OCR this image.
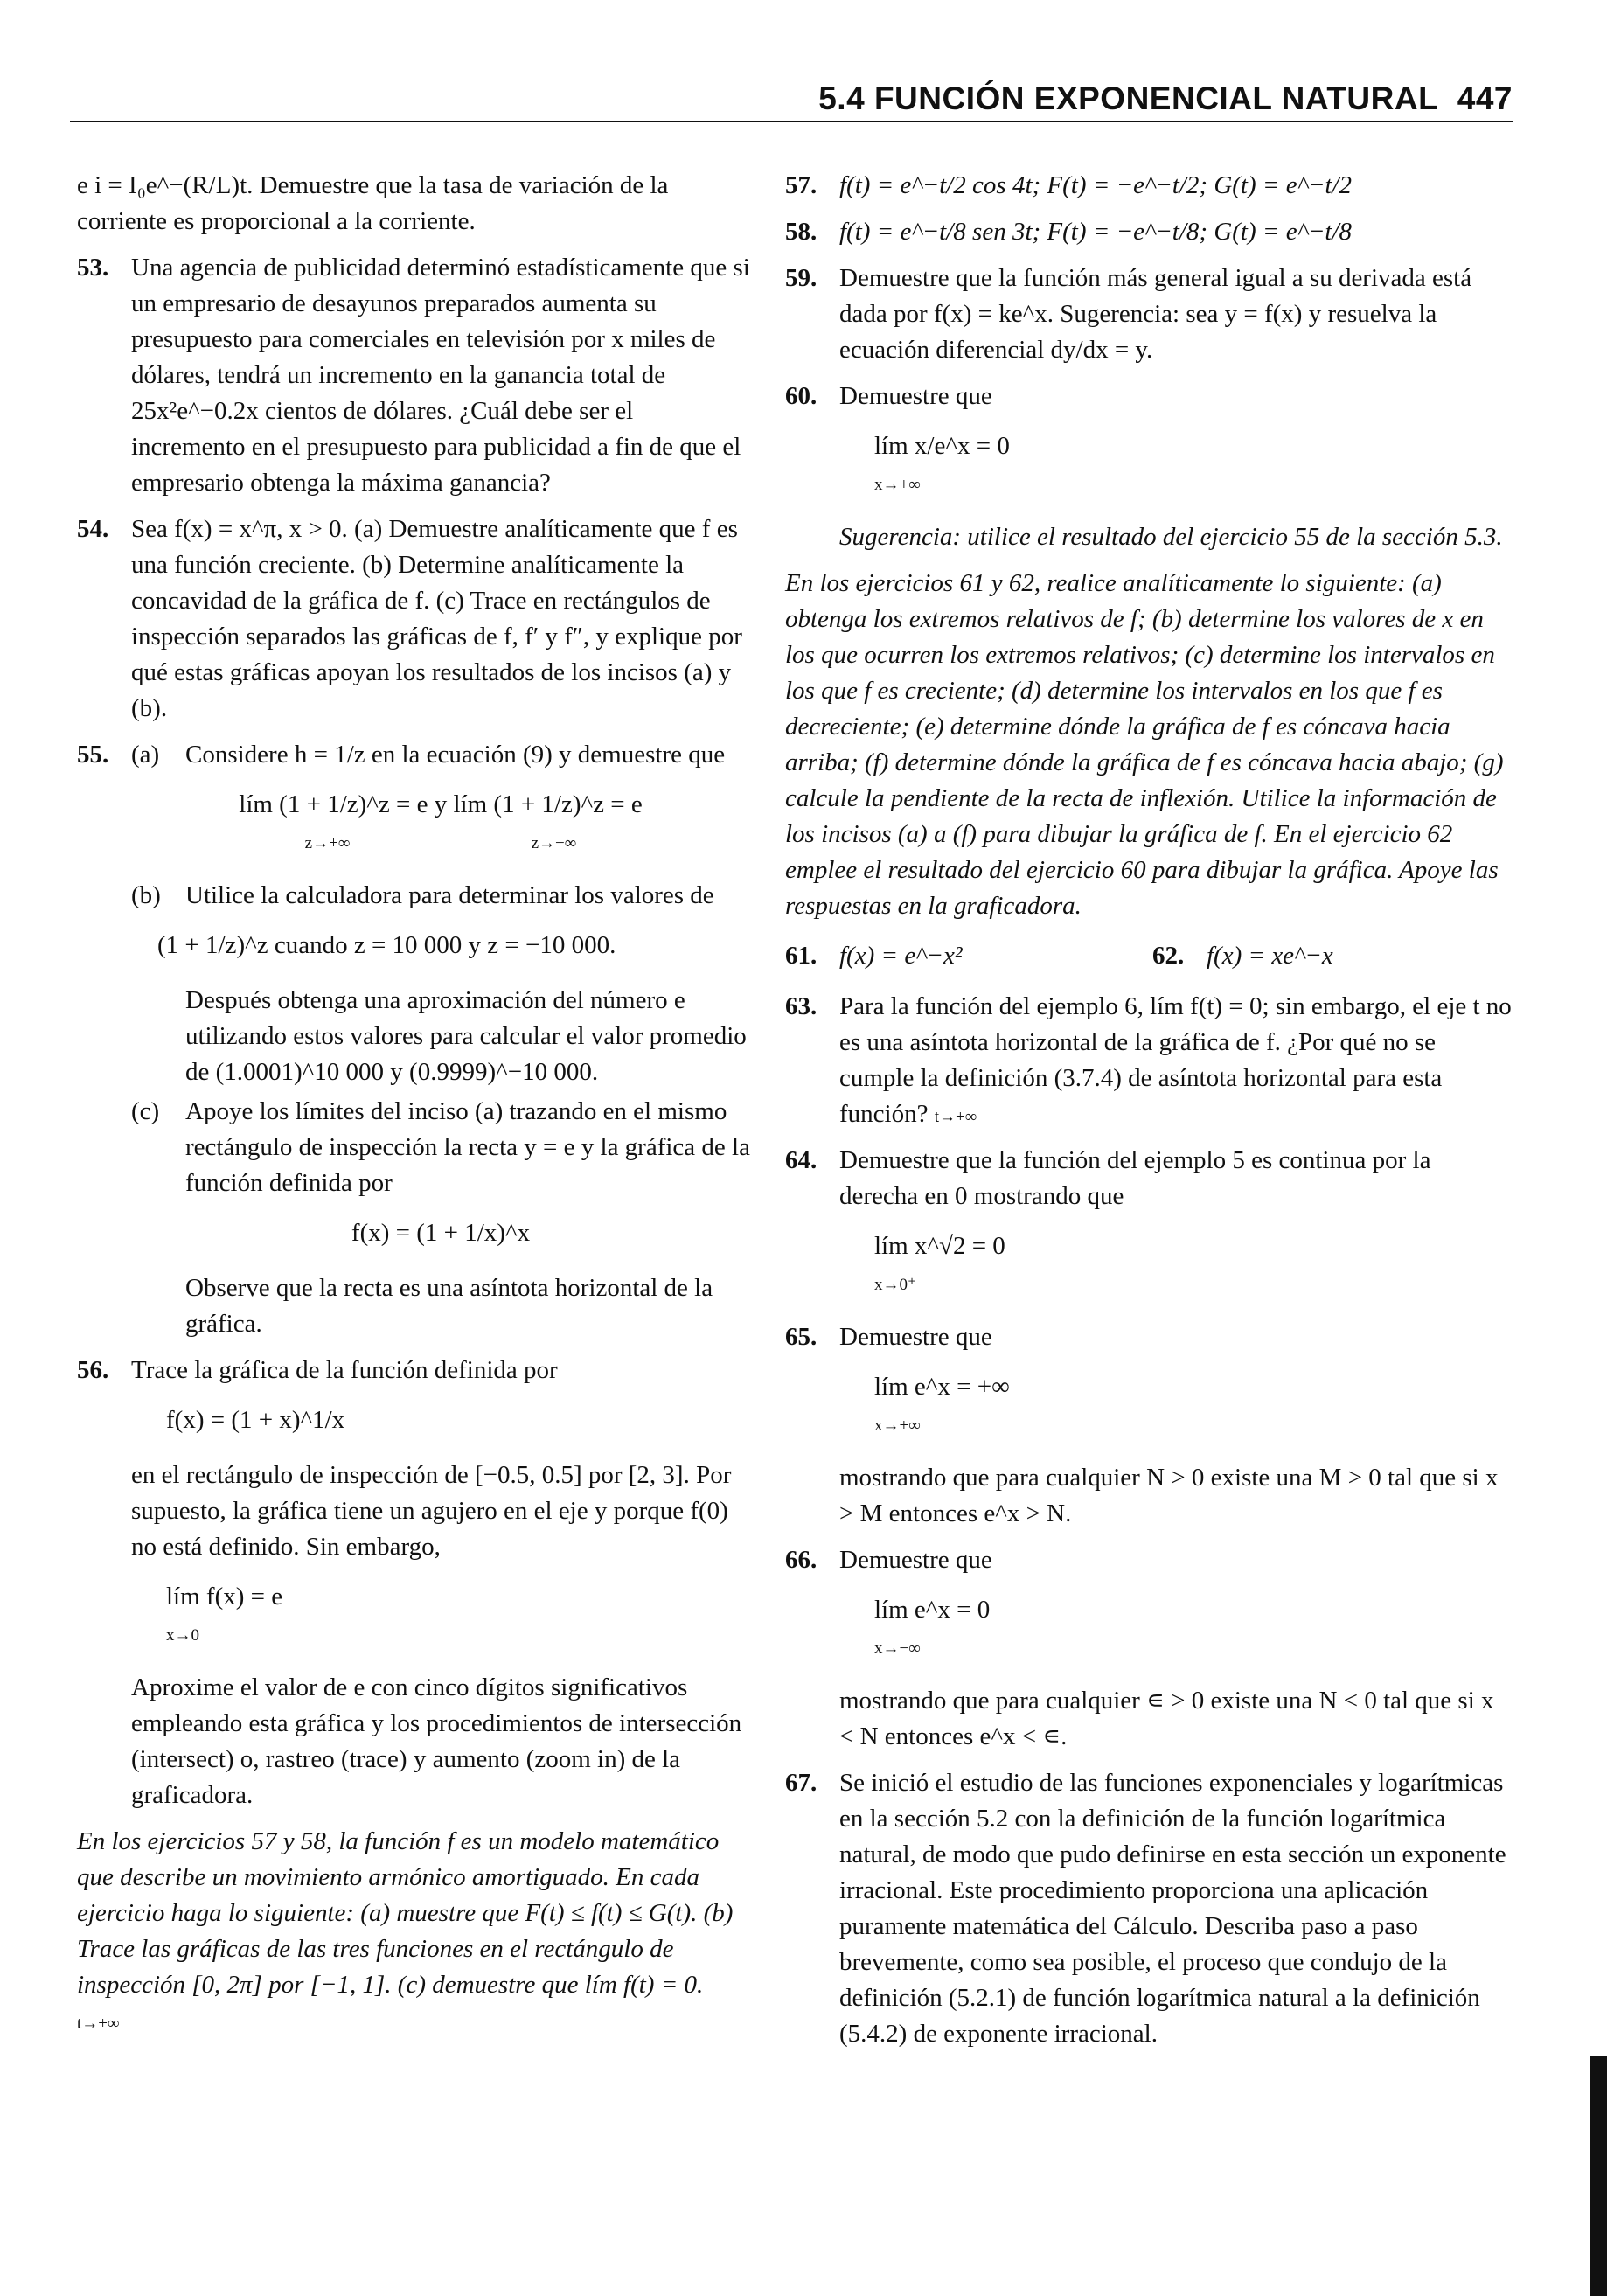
5.4 FUNCIÓN EXPONENCIAL NATURAL 447
e i = I₀e^−(R/L)t. Demuestre que la tasa de variación de la corriente es proporcional a la corriente.
53. Una agencia de publicidad determinó estadísticamente que si un empresario de desayunos preparados aumenta su presupuesto para comerciales en televisión por x miles de dólares, tendrá un incremento en la ganancia total de 25x²e^−0.2x cientos de dólares. ¿Cuál debe ser el incremento en el presupuesto para publicidad a fin de que el empresario obtenga la máxima ganancia?
54. Sea f(x) = x^π, x > 0. (a) Demuestre analíticamente que f es una función creciente. (b) Determine analíticamente la concavidad de la gráfica de f. (c) Trace en rectángulos de inspección separados las gráficas de f, f′ y f″, y explique por qué estas gráficas apoyan los resultados de los incisos (a) y (b).
55. (a) Considere h = 1/z en la ecuación (9) y demuestre que
lím (1 + 1/z)^z = e y lím (1 + 1/z)^z = e
z→+∞	z→−∞
(b) Utilice la calculadora para determinar los valores de
(1 + 1/z)^z cuando z = 10 000 y z = −10 000.
Después obtenga una aproximación del número e utilizando estos valores para calcular el valor promedio de (1.0001)^10 000 y (0.9999)^−10 000.
(c) Apoye los límites del inciso (a) trazando en el mismo rectángulo de inspección la recta y = e y la gráfica de la función definida por
f(x) = (1 + 1/x)^x
Observe que la recta es una asíntota horizontal de la gráfica.
56. Trace la gráfica de la función definida por
f(x) = (1 + x)^1/x
en el rectángulo de inspección de [−0.5, 0.5] por [2, 3]. Por supuesto, la gráfica tiene un agujero en el eje y porque f(0) no está definido. Sin embargo,
lím f(x) = e
x→0
Aproxime el valor de e con cinco dígitos significativos empleando esta gráfica y los procedimientos de intersección (intersect) o, rastreo (trace) y aumento (zoom in) de la graficadora.
En los ejercicios 57 y 58, la función f es un modelo matemático que describe un movimiento armónico amortiguado. En cada ejercicio haga lo siguiente: (a) muestre que F(t) ≤ f(t) ≤ G(t). (b) Trace las gráficas de las tres funciones en el rectángulo de inspección [0, 2π] por [−1, 1]. (c) demuestre que lím f(t) = 0.
t→+∞
57. f(t) = e^−t/2 cos 4t; F(t) = −e^−t/2; G(t) = e^−t/2
58. f(t) = e^−t/8 sen 3t; F(t) = −e^−t/8; G(t) = e^−t/8
59. Demuestre que la función más general igual a su derivada está dada por f(x) = ke^x. Sugerencia: sea y = f(x) y resuelva la ecuación diferencial dy/dx = y.
60. Demuestre que
lím x/e^x = 0
x→+∞
Sugerencia: utilice el resultado del ejercicio 55 de la sección 5.3.
En los ejercicios 61 y 62, realice analíticamente lo siguiente: (a) obtenga los extremos relativos de f; (b) determine los valores de x en los que ocurren los extremos relativos; (c) determine los intervalos en los que f es creciente; (d) determine los intervalos en los que f es decreciente; (e) determine dónde la gráfica de f es cóncava hacia arriba; (f) determine dónde la gráfica de f es cóncava hacia abajo; (g) calcule la pendiente de la recta de inflexión. Utilice la información de los incisos (a) a (f) para dibujar la gráfica de f. En el ejercicio 62 emplee el resultado del ejercicio 60 para dibujar la gráfica. Apoye las respuestas en la graficadora.
61. f(x) = e^−x²	62. f(x) = xe^−x
63. Para la función del ejemplo 6, lím f(t) = 0; sin embargo, el eje t no es una asíntota horizontal de la gráfica de f. ¿Por qué no se cumple la definición (3.7.4) de asíntota horizontal para esta función? t→+∞
64. Demuestre que la función del ejemplo 5 es continua por la derecha en 0 mostrando que
lím x^√2 = 0
x→0⁺
65. Demuestre que
lím e^x = +∞
x→+∞
mostrando que para cualquier N > 0 existe una M > 0 tal que si x > M entonces e^x > N.
66. Demuestre que
lím e^x = 0
x→−∞
mostrando que para cualquier ∊ > 0 existe una N < 0 tal que si x < N entonces e^x < ∊.
67. Se inició el estudio de las funciones exponenciales y logarítmicas en la sección 5.2 con la definición de la función logarítmica natural, de modo que pudo definirse en esta sección un exponente irracional. Este procedimiento proporciona una aplicación puramente matemática del Cálculo. Describa paso a paso brevemente, como sea posible, el proceso que condujo de la definición (5.2.1) de función logarítmica natural a la definición (5.4.2) de exponente irracional.
